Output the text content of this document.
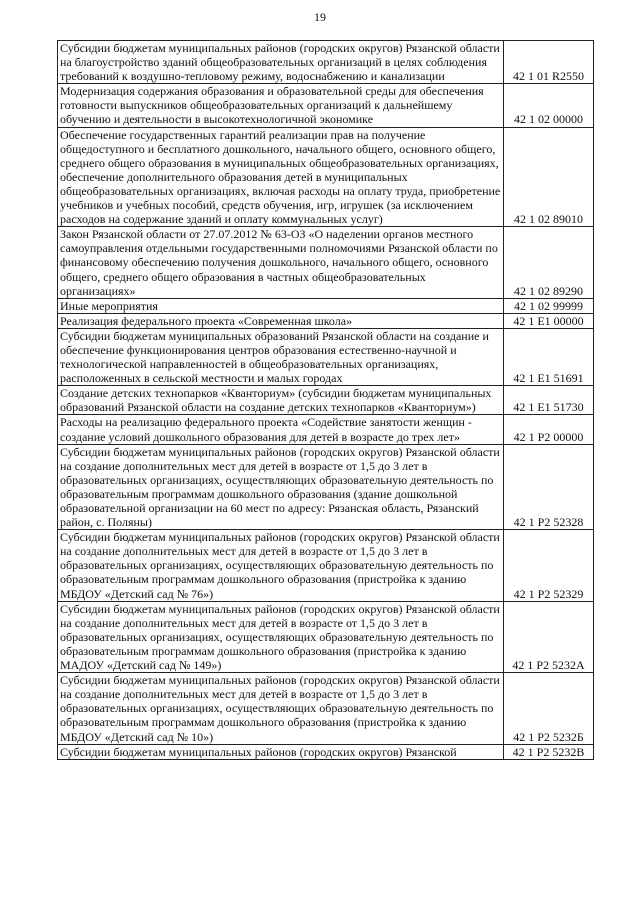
19
Субсидии бюджетам муниципальных районов (городских округов) Рязанской области на благоустройство зданий общеобразовательных организаций в целях соблюдения требований к воздушно-тепловому режиму, водоснабжению и канализации	42 1 01 R2550
Модернизация содержания образования и образовательной среды для обеспечения готовности выпускников общеобразовательных организаций к дальнейшему обучению и деятельности в высокотехнологичной экономике	42 1 02 00000
Обеспечение государственных гарантий реализации прав на получение общедоступного и бесплатного дошкольного, начального общего, основного общего, среднего общего образования в муниципальных общеобразовательных организациях, обеспечение дополнительного образования детей в муниципальных общеобразовательных организациях, включая расходы на оплату труда, приобретение учебников и учебных пособий, средств обучения, игр, игрушек (за исключением расходов на содержание зданий и оплату коммунальных услуг)	42 1 02 89010
Закон Рязанской области от 27.07.2012 № 63-ОЗ «О наделении органов местного самоуправления отдельными государственными полномочиями Рязанской области по финансовому обеспечению получения дошкольного, начального общего, основного общего, среднего общего образования в частных общеобразовательных организациях»	42 1 02 89290
Иные мероприятия	42 1 02 99999
Реализация федерального проекта «Современная школа»	42 1 E1 00000
Субсидии бюджетам муниципальных образований Рязанской области на создание и обеспечение функционирования центров образования естественно-научной и технологической направленностей в общеобразовательных организациях, расположенных в сельской местности и малых городах	42 1 E1 51691
Создание детских технопарков «Кванториум» (субсидии бюджетам муниципальных образований Рязанской области на создание детских технопарков «Кванториум»)	42 1 E1 51730
Расходы на реализацию федерального проекта «Содействие занятости женщин - создание условий дошкольного образования для детей в возрасте до трех лет»	42 1 P2 00000
Субсидии бюджетам муниципальных районов (городских округов) Рязанской области на создание дополнительных мест для детей в возрасте от 1,5 до 3 лет в образовательных организациях, осуществляющих образовательную деятельность по образовательным программам дошкольного образования (здание дошкольной образовательной организации на 60 мест по адресу: Рязанская область, Рязанский район, с. Поляны)	42 1 P2 52328
Субсидии бюджетам муниципальных районов (городских округов) Рязанской области на создание дополнительных мест для детей в возрасте от 1,5 до 3 лет в образовательных организациях, осуществляющих образовательную деятельность по образовательным программам дошкольного образования (пристройка к зданию МБДОУ «Детский сад № 76»)	42 1 P2 52329
Субсидии бюджетам муниципальных районов (городских округов) Рязанской области на создание дополнительных мест для детей в возрасте от 1,5 до 3 лет в образовательных организациях, осуществляющих образовательную деятельность по образовательным программам дошкольного образования (пристройка к зданию МАДОУ «Детский сад № 149»)	42 1 P2 5232А
Субсидии бюджетам муниципальных районов (городских округов) Рязанской области на создание дополнительных мест для детей в возрасте от 1,5 до 3 лет в образовательных организациях, осуществляющих образовательную деятельность по образовательным программам дошкольного образования (пристройка к зданию МБДОУ «Детский сад № 10»)	42 1 P2 5232Б
Субсидии бюджетам муниципальных районов (городских округов) Рязанской	42 1 P2 5232В
